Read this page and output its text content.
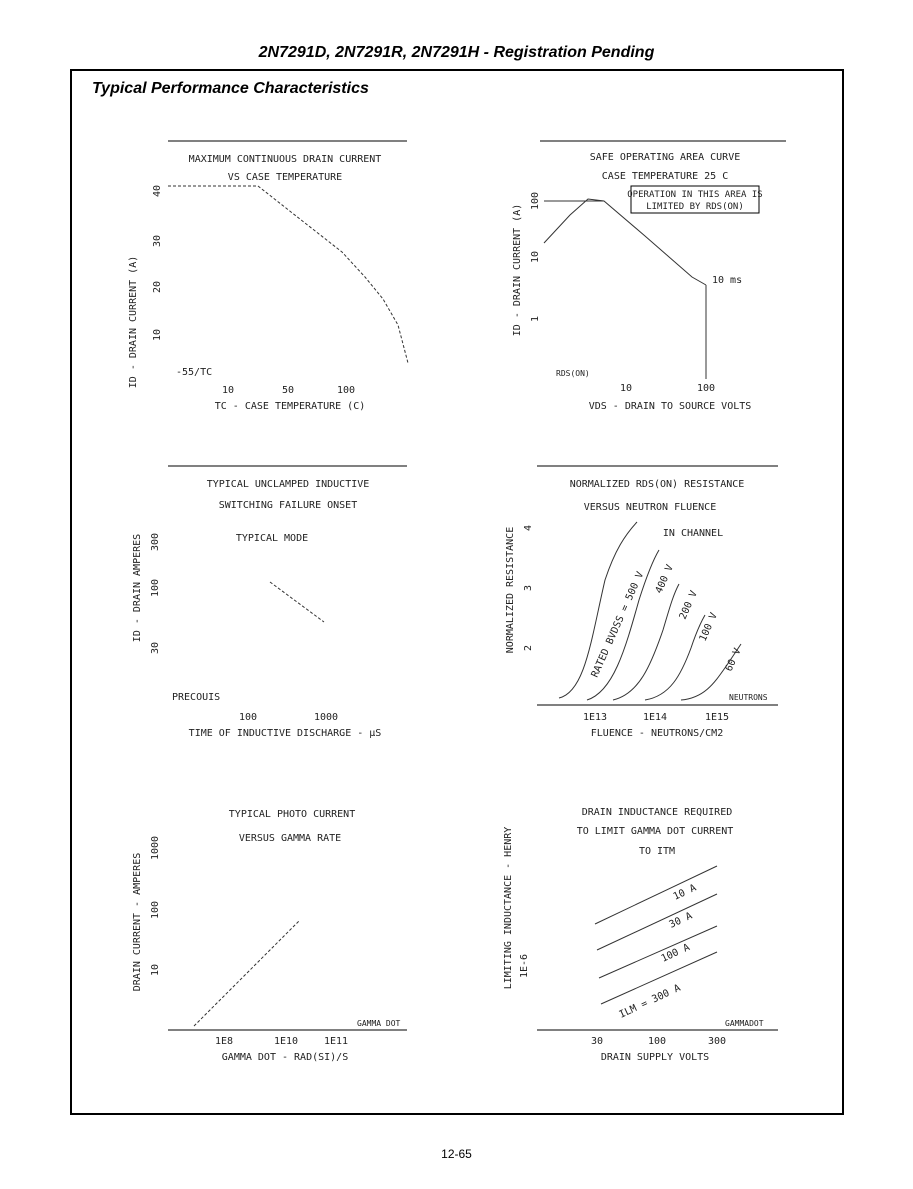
2N7291D, 2N7291R, 2N7291H - Registration Pending
Typical Performance Characteristics
MAXIMUM CONTINUOUS DRAIN CURRENT
VS CASE TEMPERATURE
ID - DRAIN CURRENT (A)
40
30
20
10
-55/TC
10	50	100
TC - CASE TEMPERATURE (C)
SAFE OPERATING AREA CURVE
CASE TEMPERATURE 25 C
OPERATION IN THIS AREA IS
LIMITED BY RDS(ON)
ID - DRAIN CURRENT (A)
100
10
1
10 ms
RDS(ON)
10	100
VDS - DRAIN TO SOURCE VOLTS
TYPICAL UNCLAMPED INDUCTIVE
SWITCHING FAILURE ONSET
TYPICAL MODE
ID - DRAIN AMPERES 300
100
30
PRECOUIS
100	1000
TIME OF INDUCTIVE DISCHARGE - μS
NORMALIZED RDS(ON) RESISTANCE
VERSUS NEUTRON FLUENCE
IN CHANNEL
NORMALIZED RESISTANCE 4
3
2	RATED BVDSS = 500 V 400 V
200 V
100 V
60 V
NEUTRONS
1E13	1E14	1E15
FLUENCE - NEUTRONS/CM2
TYPICAL PHOTO CURRENT
VERSUS GAMMA RATE
DRAIN CURRENT - AMPERES
1000
100
10
GAMMA DOT
1E8	1E10	1E11
GAMMA DOT - RAD(SI)/S
DRAIN INDUCTANCE REQUIRED
TO LIMIT GAMMA DOT CURRENT
TO ITM
LIMITING INDUCTANCE - HENRY 1E-6
10 A
30 A
100 A
ILM = 300 A
GAMMADOT
30	100	300
DRAIN SUPPLY VOLTS
12-65
